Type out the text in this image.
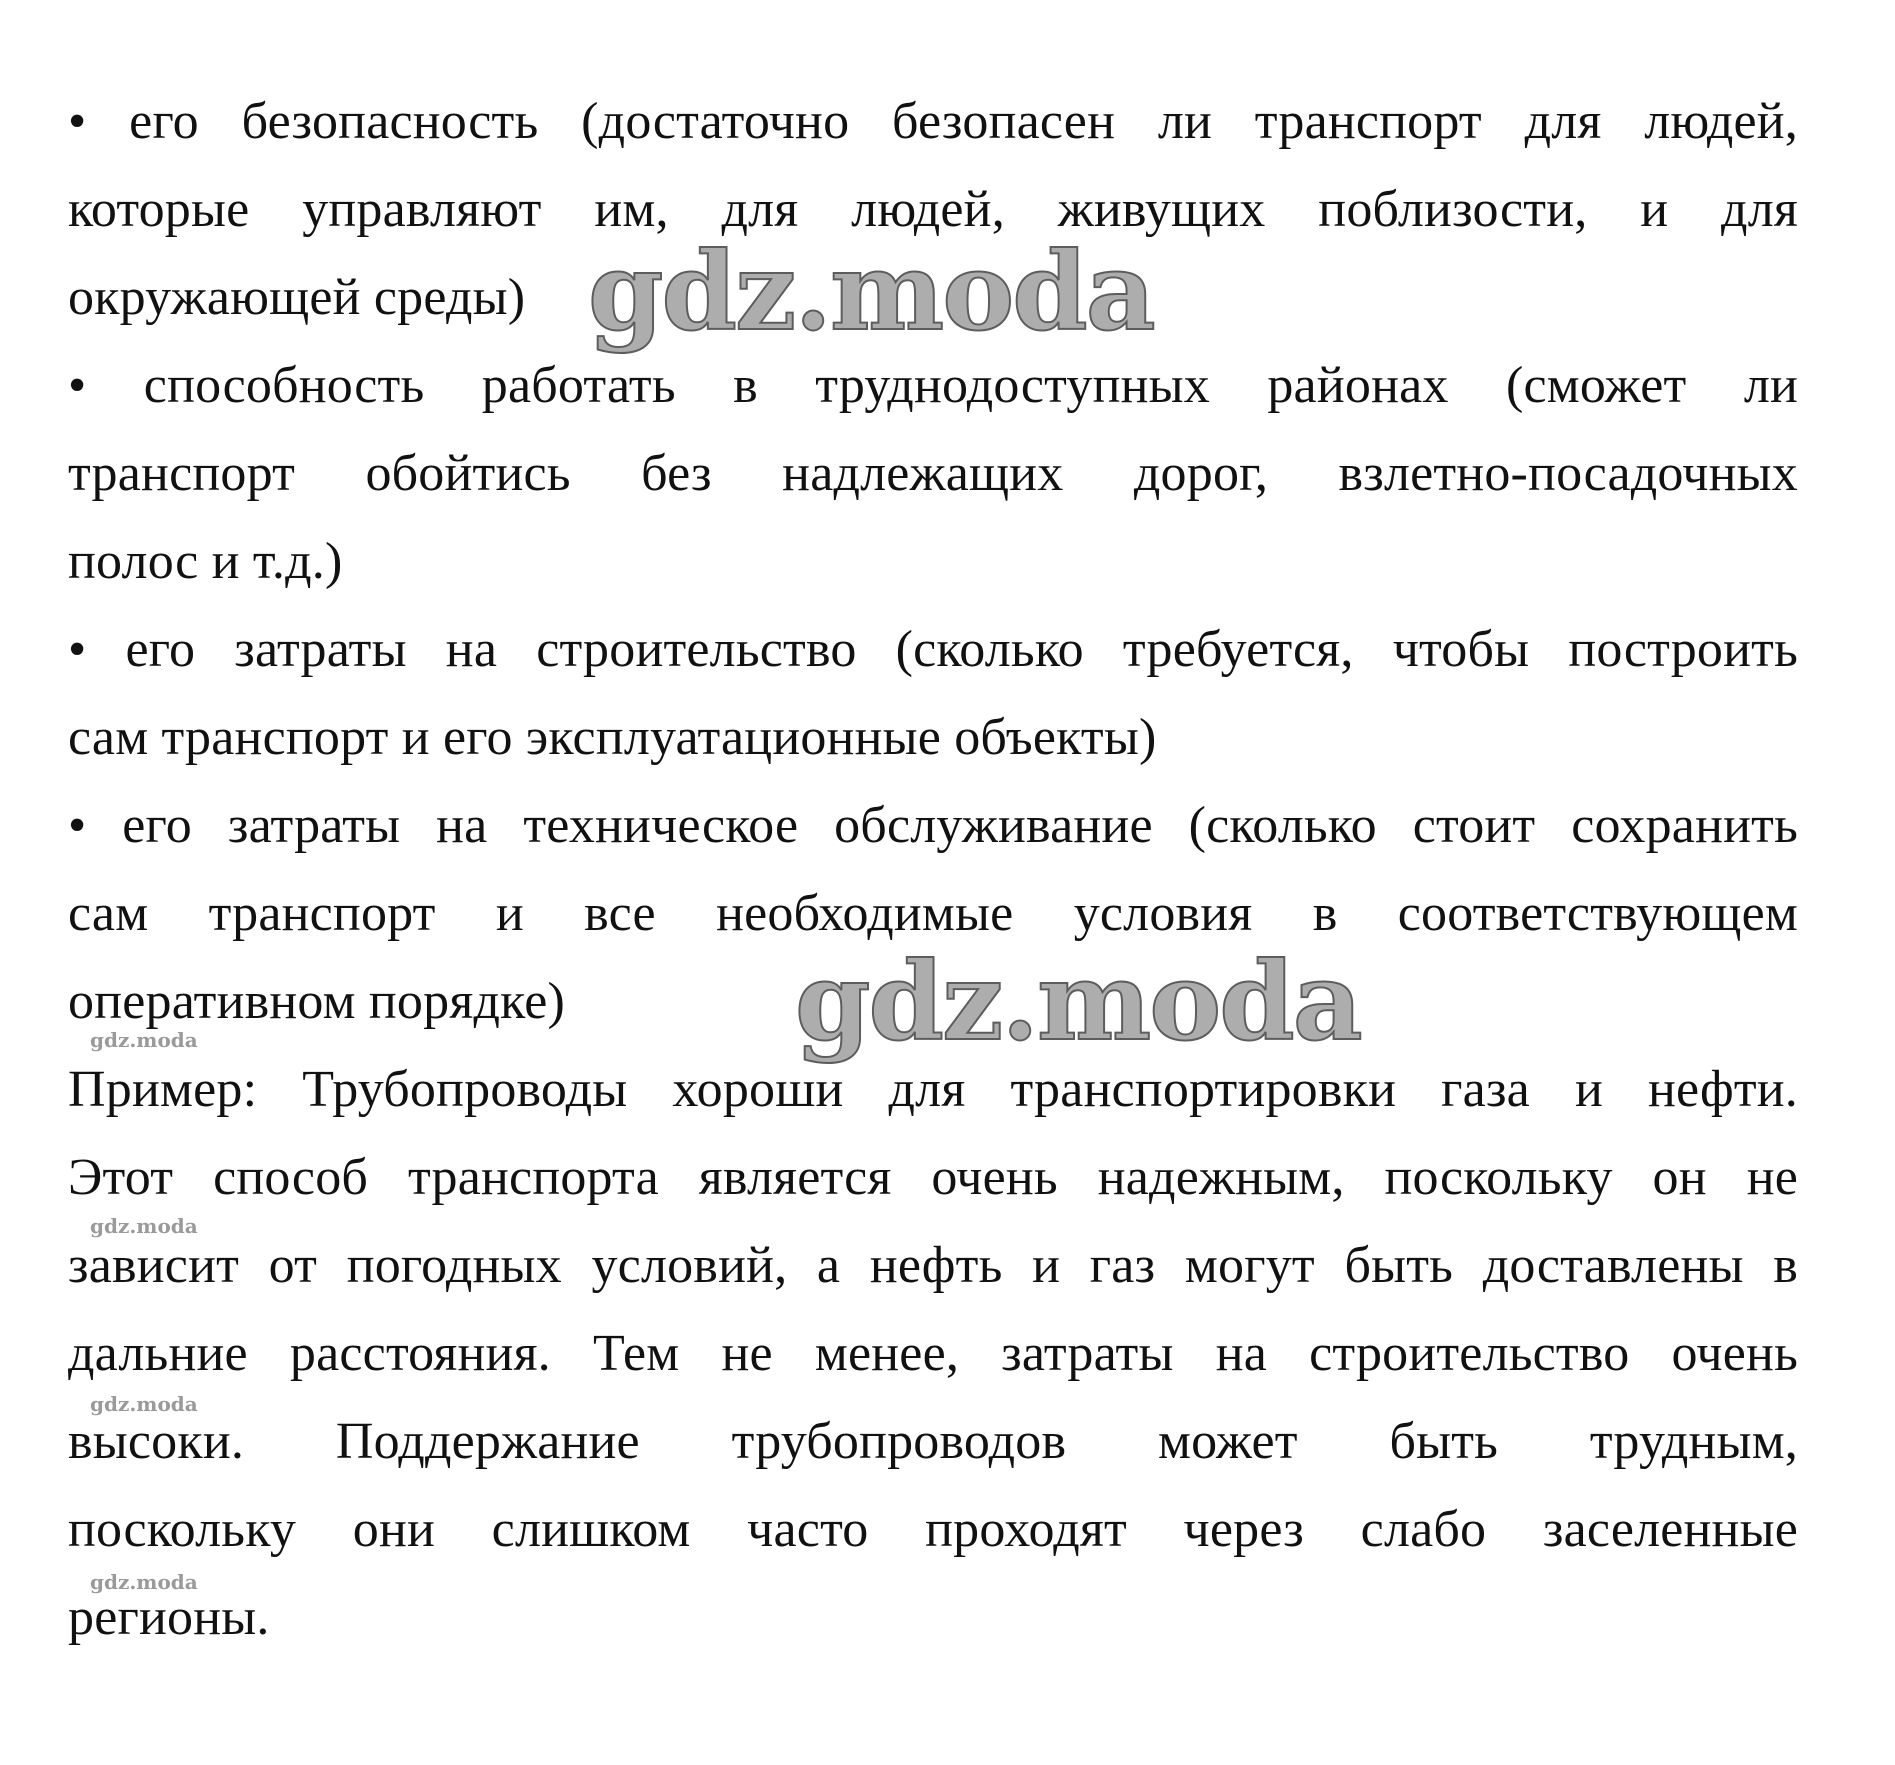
• его безопасность (достаточно безопасен ли транспорт для людей,
которые управляют им, для людей, живущих поблизости, и для
окружающей среды)
• способность работать в труднодоступных районах (сможет ли
транспорт обойтись без надлежащих дорог, взлетно-посадочных
полос и т.д.)
• его затраты на строительство (сколько требуется, чтобы построить
сам транспорт и его эксплуатационные объекты)
• его затраты на техническое обслуживание (сколько стоит сохранить
сам транспорт и все необходимые условия в соответствующем
оперативном порядке)
Пример: Трубопроводы хороши для транспортировки газа и нефти.
Этот способ транспорта является очень надежным, поскольку он не
зависит от погодных условий, а нефть и газ могут быть доставлены в
дальние расстояния. Тем не менее, затраты на строительство очень
высоки. Поддержание трубопроводов может быть трудным,
поскольку они слишком часто проходят через слабо заселенные
регионы.
gdz.moda
gdz.moda
gdz.moda
gdz.moda
gdz.moda
gdz.moda
